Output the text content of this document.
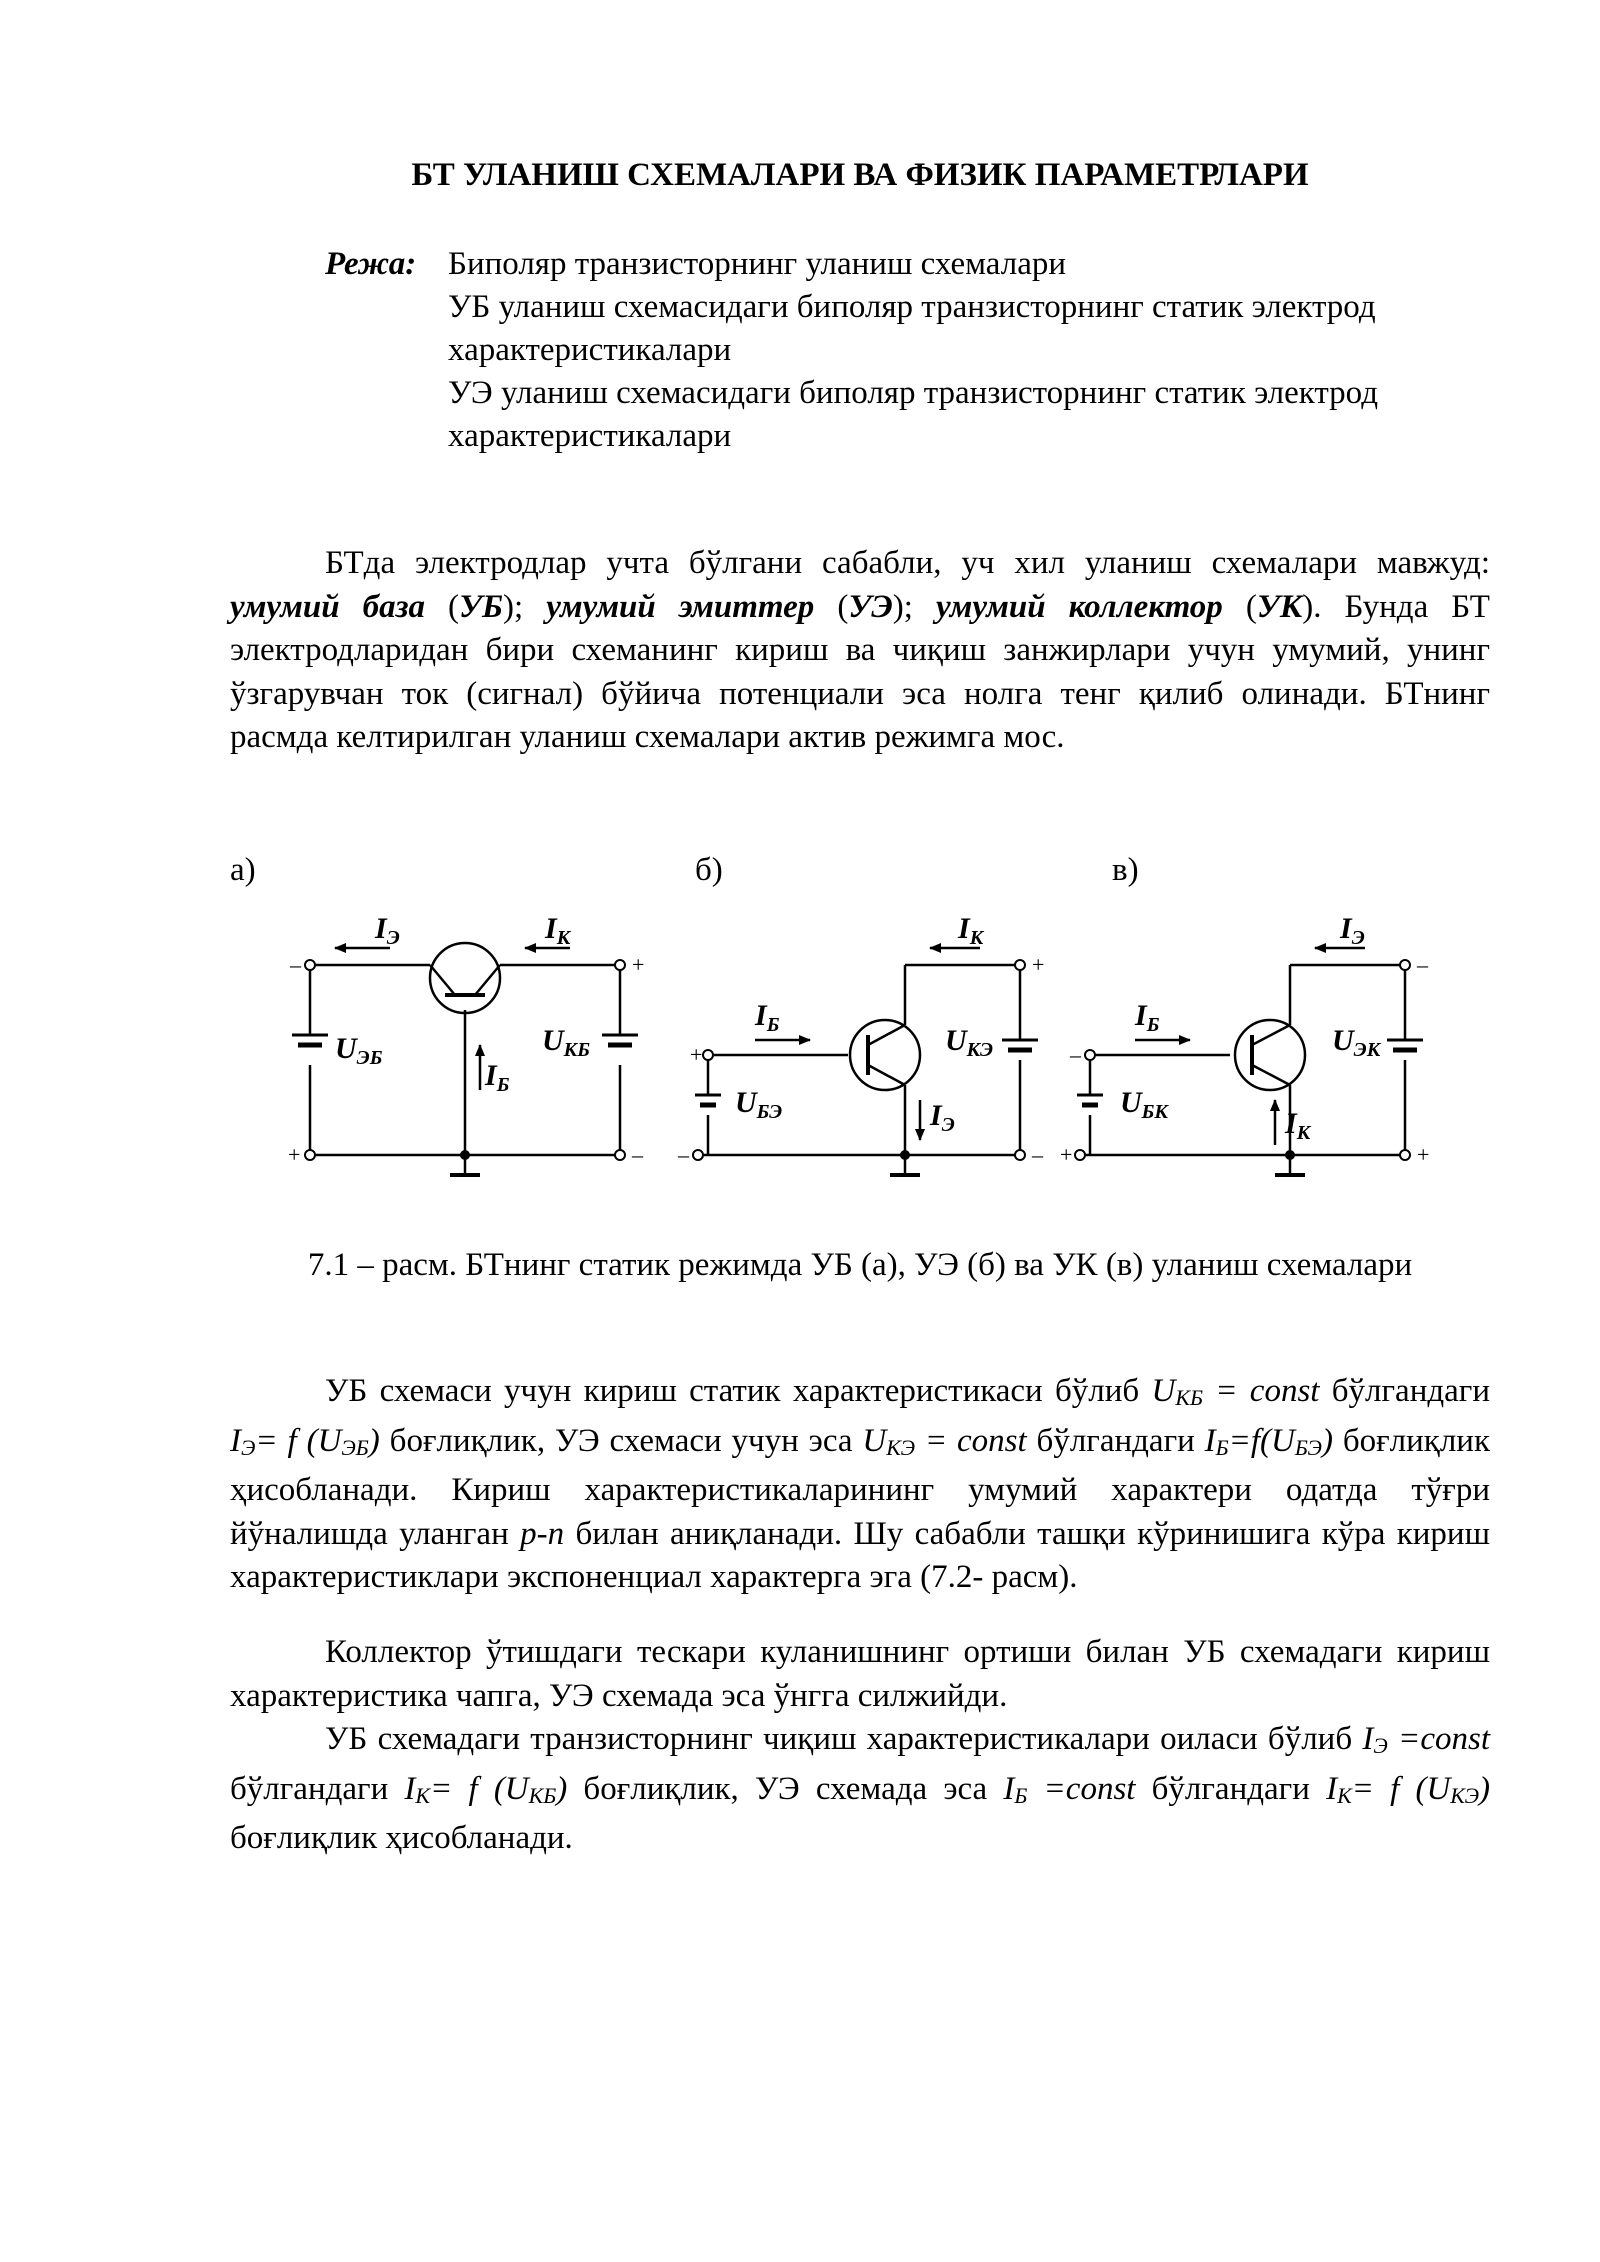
БТ УЛАНИШ СХЕМАЛАРИ ВА ФИЗИК ПАРАМЕТРЛАРИ
Режа: Биполяр транзисторнинг уланиш схемалари
УБ уланиш схемасидаги биполяр транзисторнинг статик электрод характеристикалари
УЭ уланиш схемасидаги биполяр транзисторнинг статик электрод характеристикалари
БТда электродлар учта бўлгани сабабли, уч хил уланиш схемалари мавжуд: умумий база (УБ); умумий эмиттер (УЭ); умумий коллектор (УК). Бунда БТ электродларидан бири схеманинг кириш ва чиқиш занжирлари учун умумий, унинг ўзгарувчан ток (сигнал) бўйича потенциали эса нолга тенг қилиб олинади. БТнинг расмда келтирилган уланиш схемалари актив режимга мос.
а)	б)	в)
–	+
+	–
$I_Э$	$I_К$
$I_Б$
$U_{ЭБ}$
$U_{КБ}$	+
+
–	–
$I_Б$
$I_К$
$I_Э$
$U_{БЭ}$
$U_{КЭ}$	–
–
+	+
$I_Б$
$I_Э$
$I_К$
$U_{БК}$
$U_{ЭК}$
7.1 – расм. БТнинг статик режимда УБ (а), УЭ (б) ва УК (в) уланиш схемалари
УБ схемаси учун кириш статик характеристикаси бўлиб UКБ = const бўлгандаги IЭ= f (UЭБ) боғлиқлик, УЭ схемаси учун эса UКЭ = const бўлгандаги IБ=f(UБЭ) боғлиқлик ҳисобланади. Кириш характеристикаларининг умумий характери одатда тўғри йўналишда уланган р-п билан аниқланади. Шу сабабли ташқи кўринишига кўра кириш характеристиклари экспоненциал характерга эга (7.2- расм).
Коллектор ўтишдаги тескари куланишнинг ортиши билан УБ схемадаги кириш характеристика чапга, УЭ схемада эса ўнгга силжийди.
УБ схемадаги транзисторнинг чиқиш характеристикалари оиласи бўлиб IЭ =const бўлгандаги IК= f (UКБ) боғлиқлик, УЭ схемада эса IБ =const бўлгандаги IК= f (UКЭ) боғлиқлик ҳисобланади.
